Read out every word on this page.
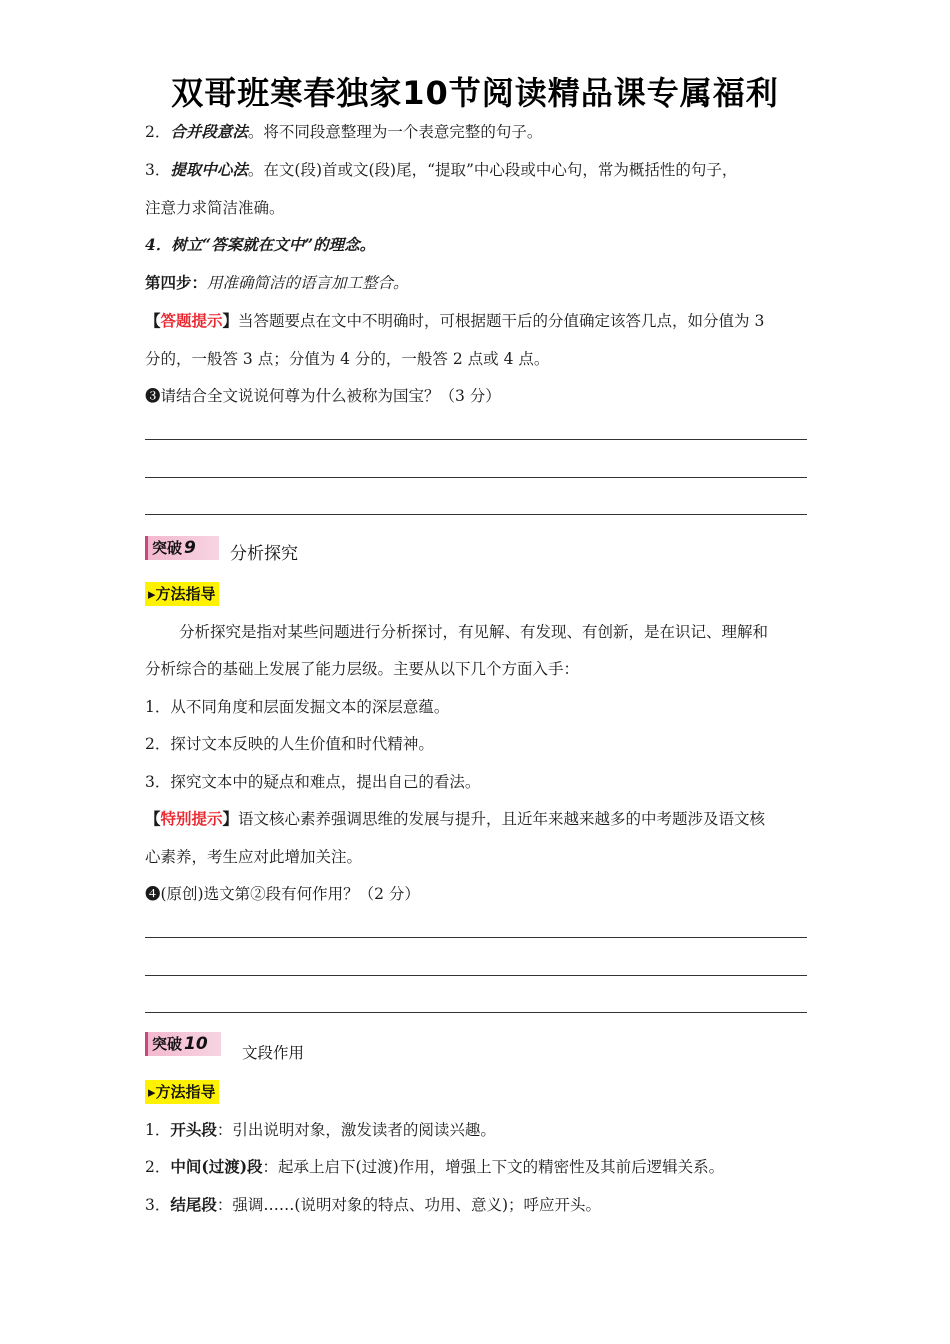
双哥班寒春独家10节阅读精品课专属福利
2．合并段意法。将不同段意整理为一个表意完整的句子。
3．提取中心法。在文(段)首或文(段)尾，“提取”中心段或中心句，常为概括性的句子，
注意力求简洁准确。
4．树立“答案就在文中”的理念。
第四步：用准确简洁的语言加工整合。
【答题提示】当答题要点在文中不明确时，可根据题干后的分值确定该答几点，如分值为 3
分的，一般答 3 点；分值为 4 分的，一般答 2 点或 4 点。
❸请结合全文说说何尊为什么被称为国宝？（3 分）
突破 9	分析探究
▸方法指导
分析探究是指对某些问题进行分析探讨，有见解、有发现、有创新，是在识记、理解和
分析综合的基础上发展了能力层级。主要从以下几个方面入手：
1．从不同角度和层面发掘文本的深层意蕴。
2．探讨文本反映的人生价值和时代精神。
3．探究文本中的疑点和难点，提出自己的看法。
【特别提示】语文核心素养强调思维的发展与提升，且近年来越来越多的中考题涉及语文核
心素养，考生应对此增加关注。
❹(原创)选文第②段有何作用？（2 分）
突破 10	文段作用
▸方法指导
1．开头段：引出说明对象，激发读者的阅读兴趣。
2．中间(过渡)段：起承上启下(过渡)作用，增强上下文的精密性及其前后逻辑关系。
3．结尾段：强调……(说明对象的特点、功用、意义)；呼应开头。
